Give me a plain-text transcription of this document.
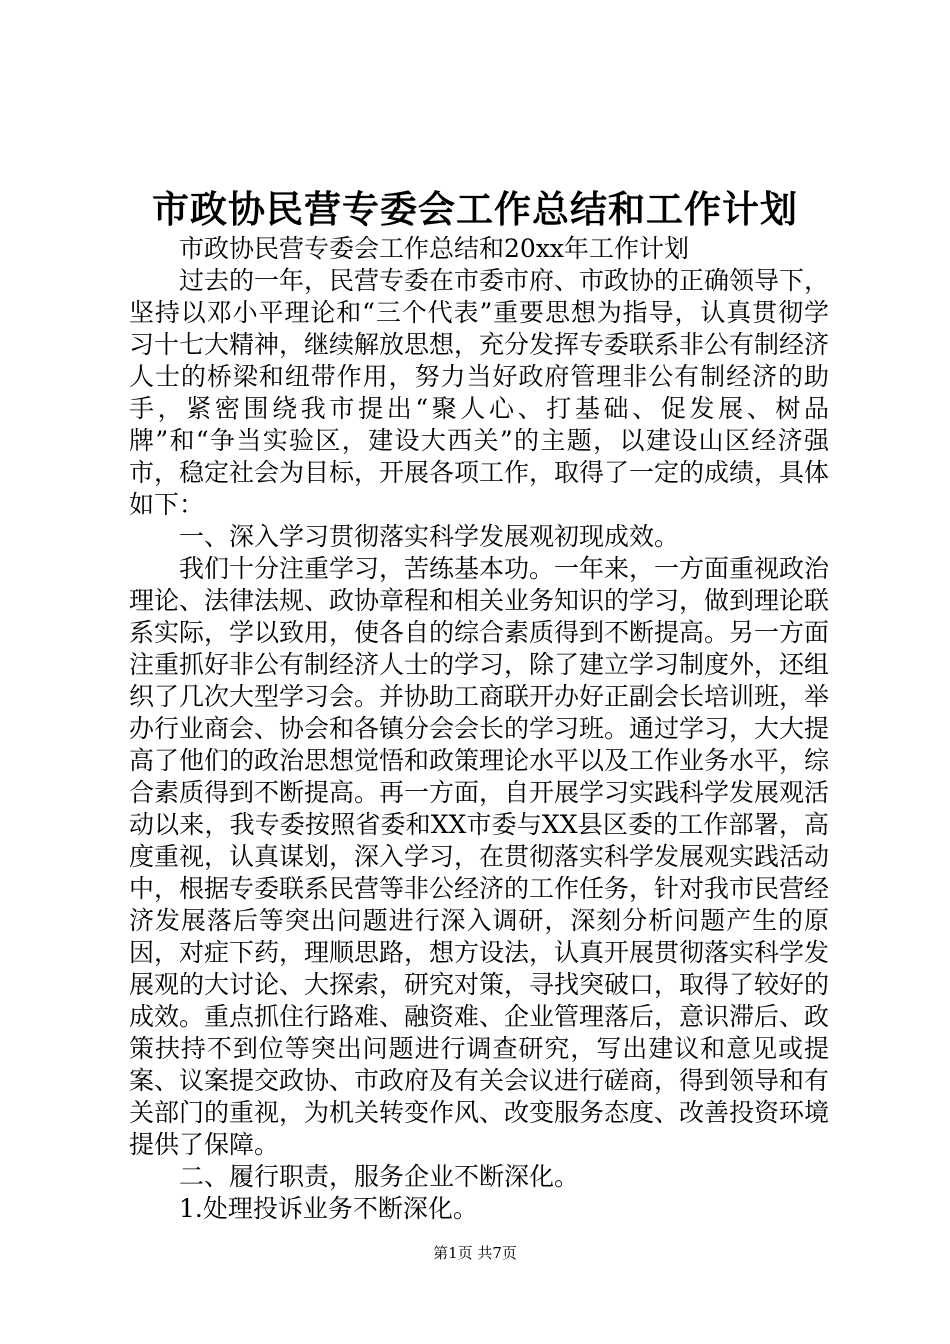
市政协民营专委会工作总结和工作计划

市政协民营专委会工作总结和20xx年工作计划

过去的一年，民营专委在市委市府、市政协的正确领导下，坚持以邓小平理论和“三个代表”重要思想为指导，认真贯彻学习十七大精神，继续解放思想，充分发挥专委联系非公有制经济人士的桥梁和纽带作用，努力当好政府管理非公有制经济的助手，紧密围绕我市提出“聚人心、打基础、促发展、树品牌”和“争当实验区，建设大西关”的主题，以建设山区经济强市，稳定社会为目标，开展各项工作，取得了一定的成绩，具体如下：

一、深入学习贯彻落实科学发展观初现成效。

我们十分注重学习，苦练基本功。一年来，一方面重视政治理论、法律法规、政协章程和相关业务知识的学习，做到理论联系实际，学以致用，使各自的综合素质得到不断提高。另一方面注重抓好非公有制经济人士的学习，除了建立学习制度外，还组织了几次大型学习会。并协助工商联开办好正副会长培训班，举办行业商会、协会和各镇分会会长的学习班。通过学习，大大提高了他们的政治思想觉悟和政策理论水平以及工作业务水平，综合素质得到不断提高。再一方面，自开展学习实践科学发展观活动以来，我专委按照省委和XX市委与XX县区委的工作部署，高度重视，认真谋划，深入学习，在贯彻落实科学发展观实践活动中，根据专委联系民营等非公经济的工作任务，针对我市民营经济发展落后等突出问题进行深入调研，深刻分析问题产生的原因，对症下药，理顺思路，想方设法，认真开展贯彻落实科学发展观的大讨论、大探索，研究对策，寻找突破口，取得了较好的成效。重点抓住行路难、融资难、企业管理落后，意识滞后、政策扶持不到位等突出问题进行调查研究，写出建议和意见或提案、议案提交政协、市政府及有关会议进行磋商，得到领导和有关部门的重视，为机关转变作风、改变服务态度、改善投资环境提供了保障。

二、履行职责，服务企业不断深化。

1.处理投诉业务不断深化。

第1页 共7页
